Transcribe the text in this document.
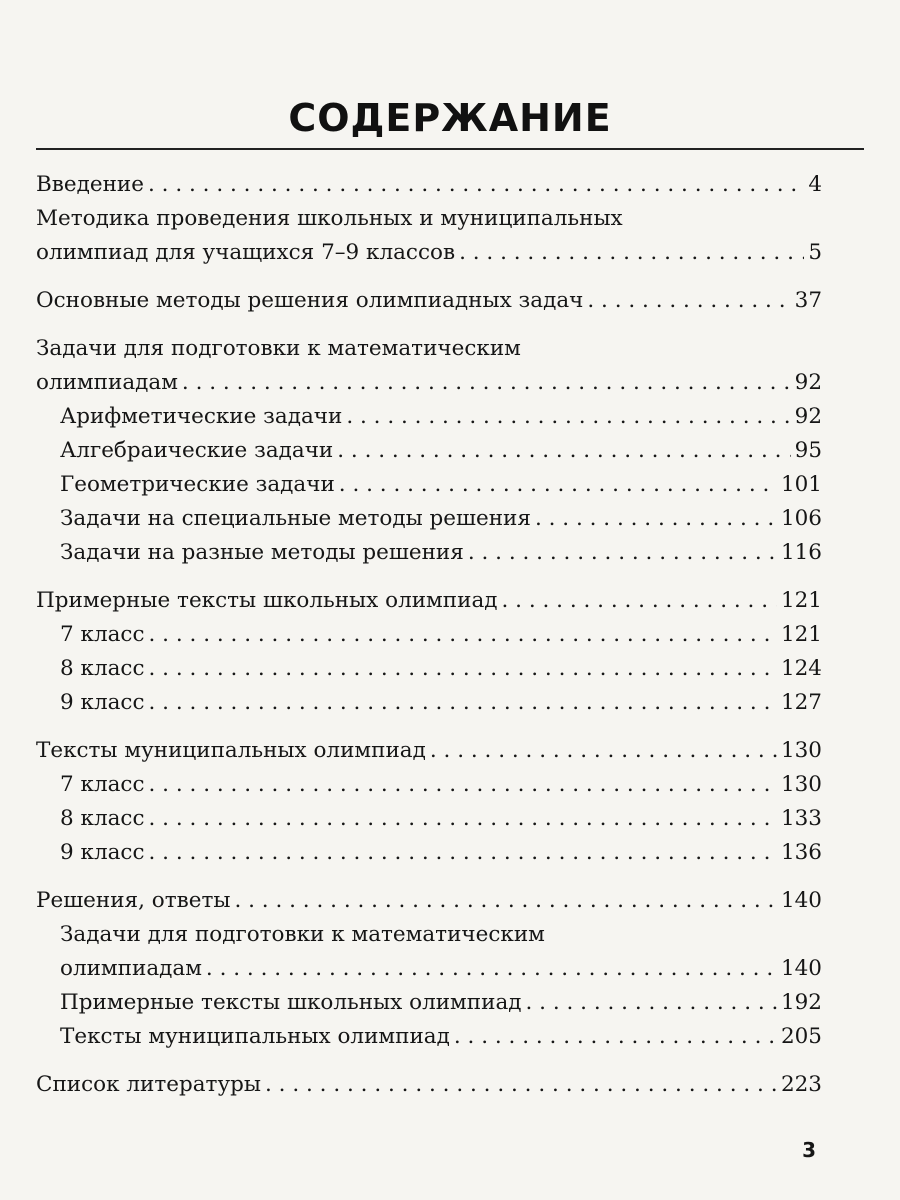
СОДЕРЖАНИЕ
Введение . . .	4
Методика проведения школьных и муниципальных
олимпиад для учащихся 7–9 классов . . .	5
Основные методы решения олимпиадных задач . . .	37
Задачи для подготовки к математическим
олимпиадам . . .	92
Арифметические задачи . . .	92
Алгебраические задачи . . .	95
Геометрические задачи . . .	101
Задачи на специальные методы решения . . .	106
Задачи на разные методы решения . . .	116
Примерные тексты школьных олимпиад . . .	121
7 класс . . .	121
8 класс . . .	124
9 класс . . .	127
Тексты муниципальных олимпиад . . .	130
7 класс . . .	130
8 класс . . .	133
9 класс . . .	136
Решения, ответы . . .	140
Задачи для подготовки к математическим
олимпиадам . . .	140
Примерные тексты школьных олимпиад . . .	192
Тексты муниципальных олимпиад . . .	205
Список литературы . . .	223
3
